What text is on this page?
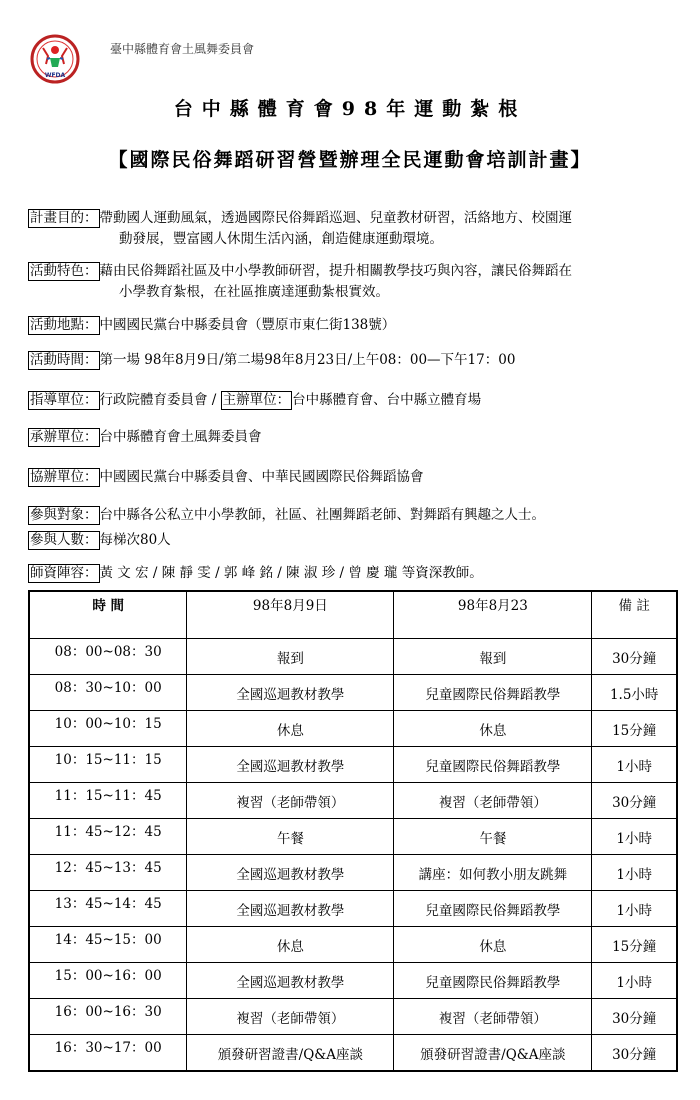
WFDA
臺中縣體育會土風舞委員會
台中縣體育會98年運動紮根
【國際民俗舞蹈研習營暨辦理全民運動會培訓計畫】
計畫目的： 帶動國人運動風氣，透過國際民俗舞蹈巡迴、兒童教材研習，活絡地方、校園運
動發展，豐富國人休閒生活內涵，創造健康運動環境。
活動特色： 藉由民俗舞蹈社區及中小學教師研習，提升相關教學技巧與內容，讓民俗舞蹈在
小學教育紮根，在社區推廣達運動紮根實效。
活動地點： 中國國民黨台中縣委員會（豐原市東仁街138號）
活動時間： 第一場 98年8月9日/第二場98年8月23日/上午08：00—下午17：00
指導單位： 行政院體育委員會 / 主辦單位： 台中縣體育會、台中縣立體育場
承辦單位： 台中縣體育會土風舞委員會
協辦單位： 中國國民黨台中縣委員會、中華民國國際民俗舞蹈協會
參與對象： 台中縣各公私立中小學教師，社區、社團舞蹈老師、對舞蹈有興趣之人士。
參與人數： 每梯次80人
師資陣容： 黃 文 宏 / 陳 靜 雯 / 郭 峰 銘 / 陳 淑 珍 / 曾 慶 瓏 等資深教師。
時 間	98年8月9日	98年8月23	備 註
08：00~08：30	報到	報到	30分鐘
08：30~10：00	全國巡迴教材教學	兒童國際民俗舞蹈教學	1.5小時
10：00~10：15	休息	休息	15分鐘
10：15~11：15	全國巡迴教材教學	兒童國際民俗舞蹈教學	1小時
11：15~11：45	複習（老師帶領）	複習（老師帶領）	30分鐘
11：45~12：45	午餐	午餐	1小時
12：45~13：45	全國巡迴教材教學	講座：如何教小朋友跳舞	1小時
13：45~14：45	全國巡迴教材教學	兒童國際民俗舞蹈教學	1小時
14：45~15：00	休息	休息	15分鐘
15：00~16：00	全國巡迴教材教學	兒童國際民俗舞蹈教學	1小時
16：00~16：30	複習（老師帶領）	複習（老師帶領）	30分鐘
16：30~17：00	頒發研習證書/Q&A座談	頒發研習證書/Q&A座談	30分鐘
